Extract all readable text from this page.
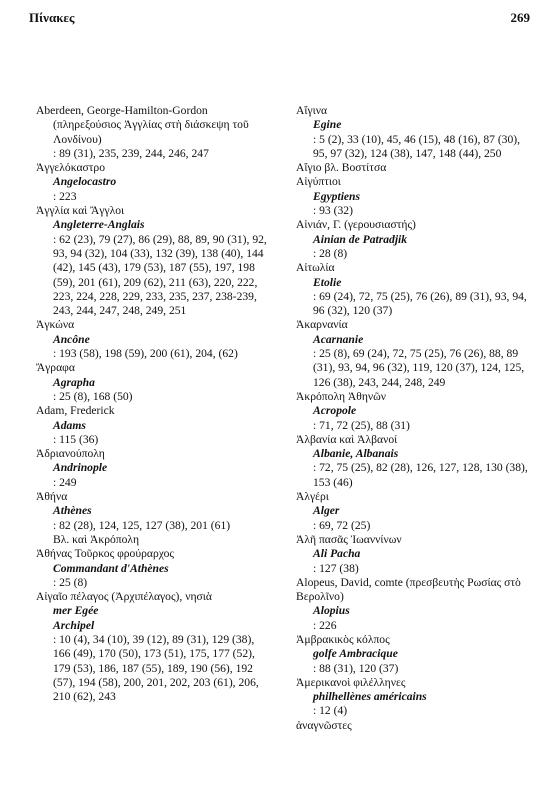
Πίνακες	269
Aberdeen, George-Hamilton-Gordon
(πληρεξούσιος Ἀγγλίας στὴ διάσκεψη τοῦ Λονδίνου)
: 89 (31), 235, 239, 244, 246, 247
Ἀγγελόκαστρο
Angelocastro
: 223
Ἀγγλία καὶ Ἄγγλοι
Angleterre-Anglais
: 62 (23), 79 (27), 86 (29), 88, 89, 90 (31), 92, 93, 94 (32), 104 (33), 132 (39), 138 (40), 144 (42), 145 (43), 179 (53), 187 (55), 197, 198 (59), 201 (61), 209 (62), 211 (63), 220, 222, 223, 224, 228, 229, 233, 235, 237, 238-239, 243, 244, 247, 248, 249, 251
Ἀγκώνα
Ancône
: 193 (58), 198 (59), 200 (61), 204, (62)
Ἄγραφα
Agrapha
: 25 (8), 168 (50)
Adam, Frederick
Adams
: 115 (36)
Ἀδριανούπολη
Andrinople
: 249
Ἀθήνα
Athènes
: 82 (28), 124, 125, 127 (38), 201 (61)
Βλ. καὶ Ἀκρόπολη
Ἀθήνας Τοῦρκος φρούραρχος
Commandant d'Athènes
: 25 (8)
Αἰγαῖο πέλαγος (Ἀρχιπέλαγος), νησιὰ
mer Egée
Archipel
: 10 (4), 34 (10), 39 (12), 89 (31), 129 (38), 166 (49), 170 (50), 173 (51), 175, 177 (52), 179 (53), 186, 187 (55), 189, 190 (56), 192 (57), 194 (58), 200, 201, 202, 203 (61), 206, 210 (62), 243
Αἴγινα
Egine
: 5 (2), 33 (10), 45, 46 (15), 48 (16), 87 (30), 95, 97 (32), 124 (38), 147, 148 (44), 250
Αἴγιο βλ. Βοστίτσα
Αἰγύπτιοι
Egyptiens
: 93 (32)
Αἰνιάν, Γ. (γερουσιαστής)
Ainian de Patradjik
: 28 (8)
Αἰτωλία
Etolie
: 69 (24), 72, 75 (25), 76 (26), 89 (31), 93, 94, 96 (32), 120 (37)
Ἀκαρνανία
Acarnanie
: 25 (8), 69 (24), 72, 75 (25), 76 (26), 88, 89 (31), 93, 94, 96 (32), 119, 120 (37), 124, 125, 126 (38), 243, 244, 248, 249
Ἀκρόπολη Ἀθηνῶν
Acropole
: 71, 72 (25), 88 (31)
Ἀλβανία καὶ Ἀλβανοί
Albanie, Albanais
: 72, 75 (25), 82 (28), 126, 127, 128, 130 (38), 153 (46)
Ἀλγέρι
Alger
: 69, 72 (25)
Ἀλῆ πασᾶς Ἰωαννίνων
Ali Pacha
: 127 (38)
Alopeus, David, comte (πρεσβευτὴς Ρωσίας στὸ Βερολῖνο)
Alopius
: 226
Ἀμβρακικὸς κόλπος
golfe Ambracique
: 88 (31), 120 (37)
Ἀμερικανοὶ φιλέλληνες
philhellènes américains
: 12 (4)
ἀναγνῶστες
